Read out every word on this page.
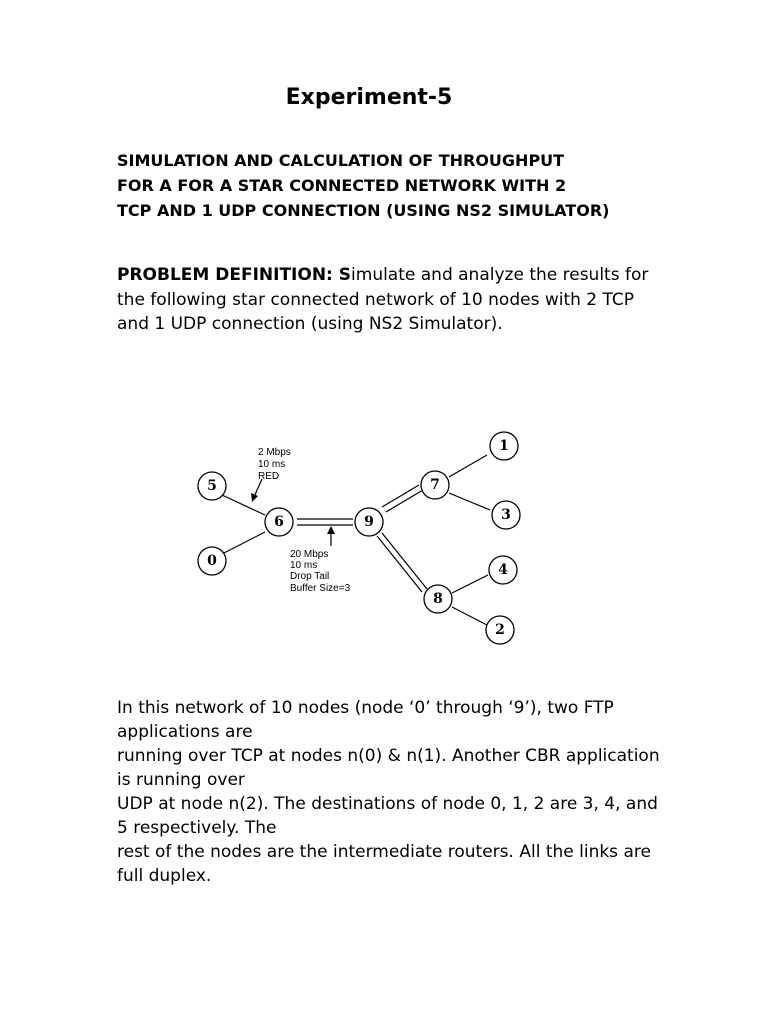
Experiment-5
SIMULATION AND CALCULATION OF THROUGHPUT
FOR A FOR A STAR CONNECTED NETWORK WITH 2
TCP AND 1 UDP CONNECTION (USING NS2 SIMULATOR)
PROBLEM DEFINITION: Simulate and analyze the results for the following star connected network of 10 nodes with 2 TCP and 1 UDP connection (using NS2 Simulator).
5
0
6	9
7
1
3
4
8
2
2 Mbps
10 ms
RED
20 Mbps
10 ms
Drop Tail
Buffer Size=3
In this network of 10 nodes (node ‘0’ through ‘9’), two FTP
applications are
running over TCP at nodes n(0) & n(1). Another CBR application
is running over
UDP at node n(2). The destinations of node 0, 1, 2 are 3, 4, and
5 respectively. The
rest of the nodes are the intermediate routers. All the links are
full duplex.
